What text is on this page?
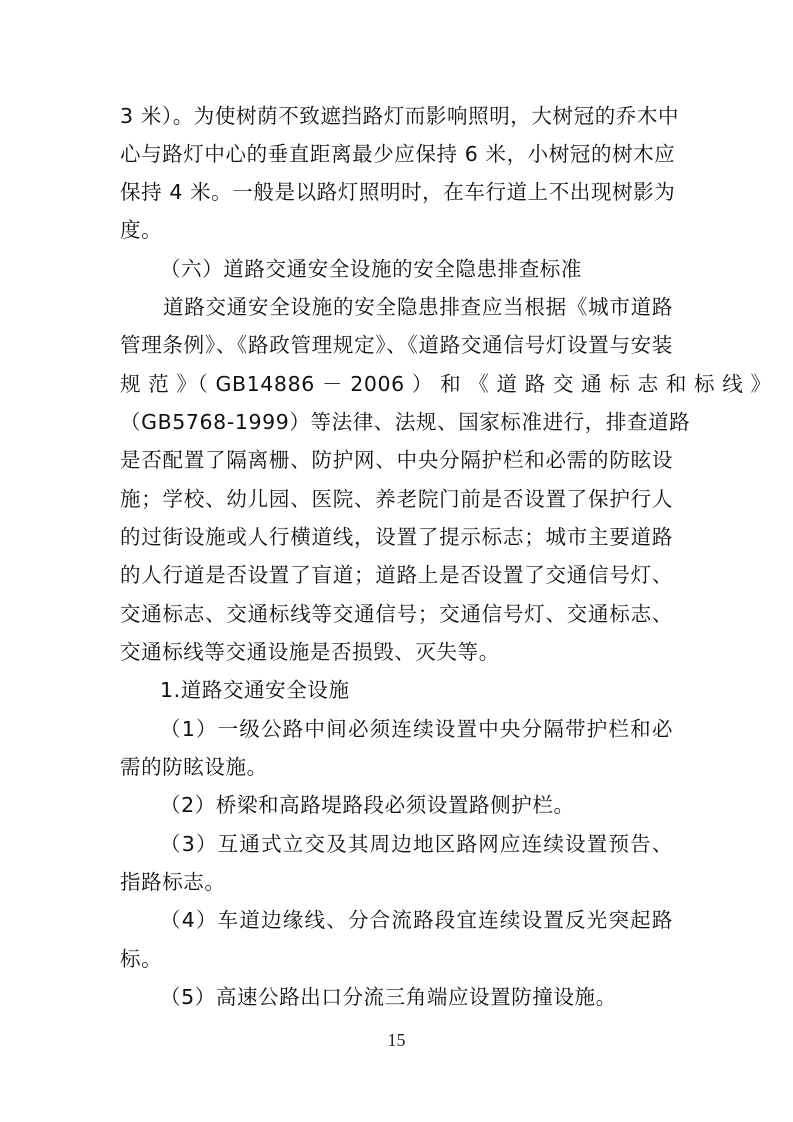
3 米）。为使树荫不致遮挡路灯而影响照明，大树冠的乔木中
心与路灯中心的垂直距离最少应保持 6 米，小树冠的树木应
保持 4 米。一般是以路灯照明时，在车行道上不出现树影为
度。
（六）道路交通安全设施的安全隐患排查标准
道路交通安全设施的安全隐患排查应当根据《城市道路
管理条例》、《路政管理规定》、《道路交通信号灯设置与安装
规 范 》（ GB14886 － 2006 ） 和 《 道 路 交 通 标 志 和 标 线 》
（GB5768-1999）等法律、法规、国家标准进行，排查道路
是否配置了隔离栅、防护网、中央分隔护栏和必需的防眩设
施；学校、幼儿园、医院、养老院门前是否设置了保护行人
的过街设施或人行横道线，设置了提示标志；城市主要道路
的人行道是否设置了盲道；道路上是否设置了交通信号灯、
交通标志、交通标线等交通信号；交通信号灯、交通标志、
交通标线等交通设施是否损毁、灭失等。
1.道路交通安全设施
（1）一级公路中间必须连续设置中央分隔带护栏和必
需的防眩设施。
（2）桥梁和高路堤路段必须设置路侧护栏。
（3）互通式立交及其周边地区路网应连续设置预告、
指路标志。
（4）车道边缘线、分合流路段宜连续设置反光突起路
标。
（5）高速公路出口分流三角端应设置防撞设施。
15
